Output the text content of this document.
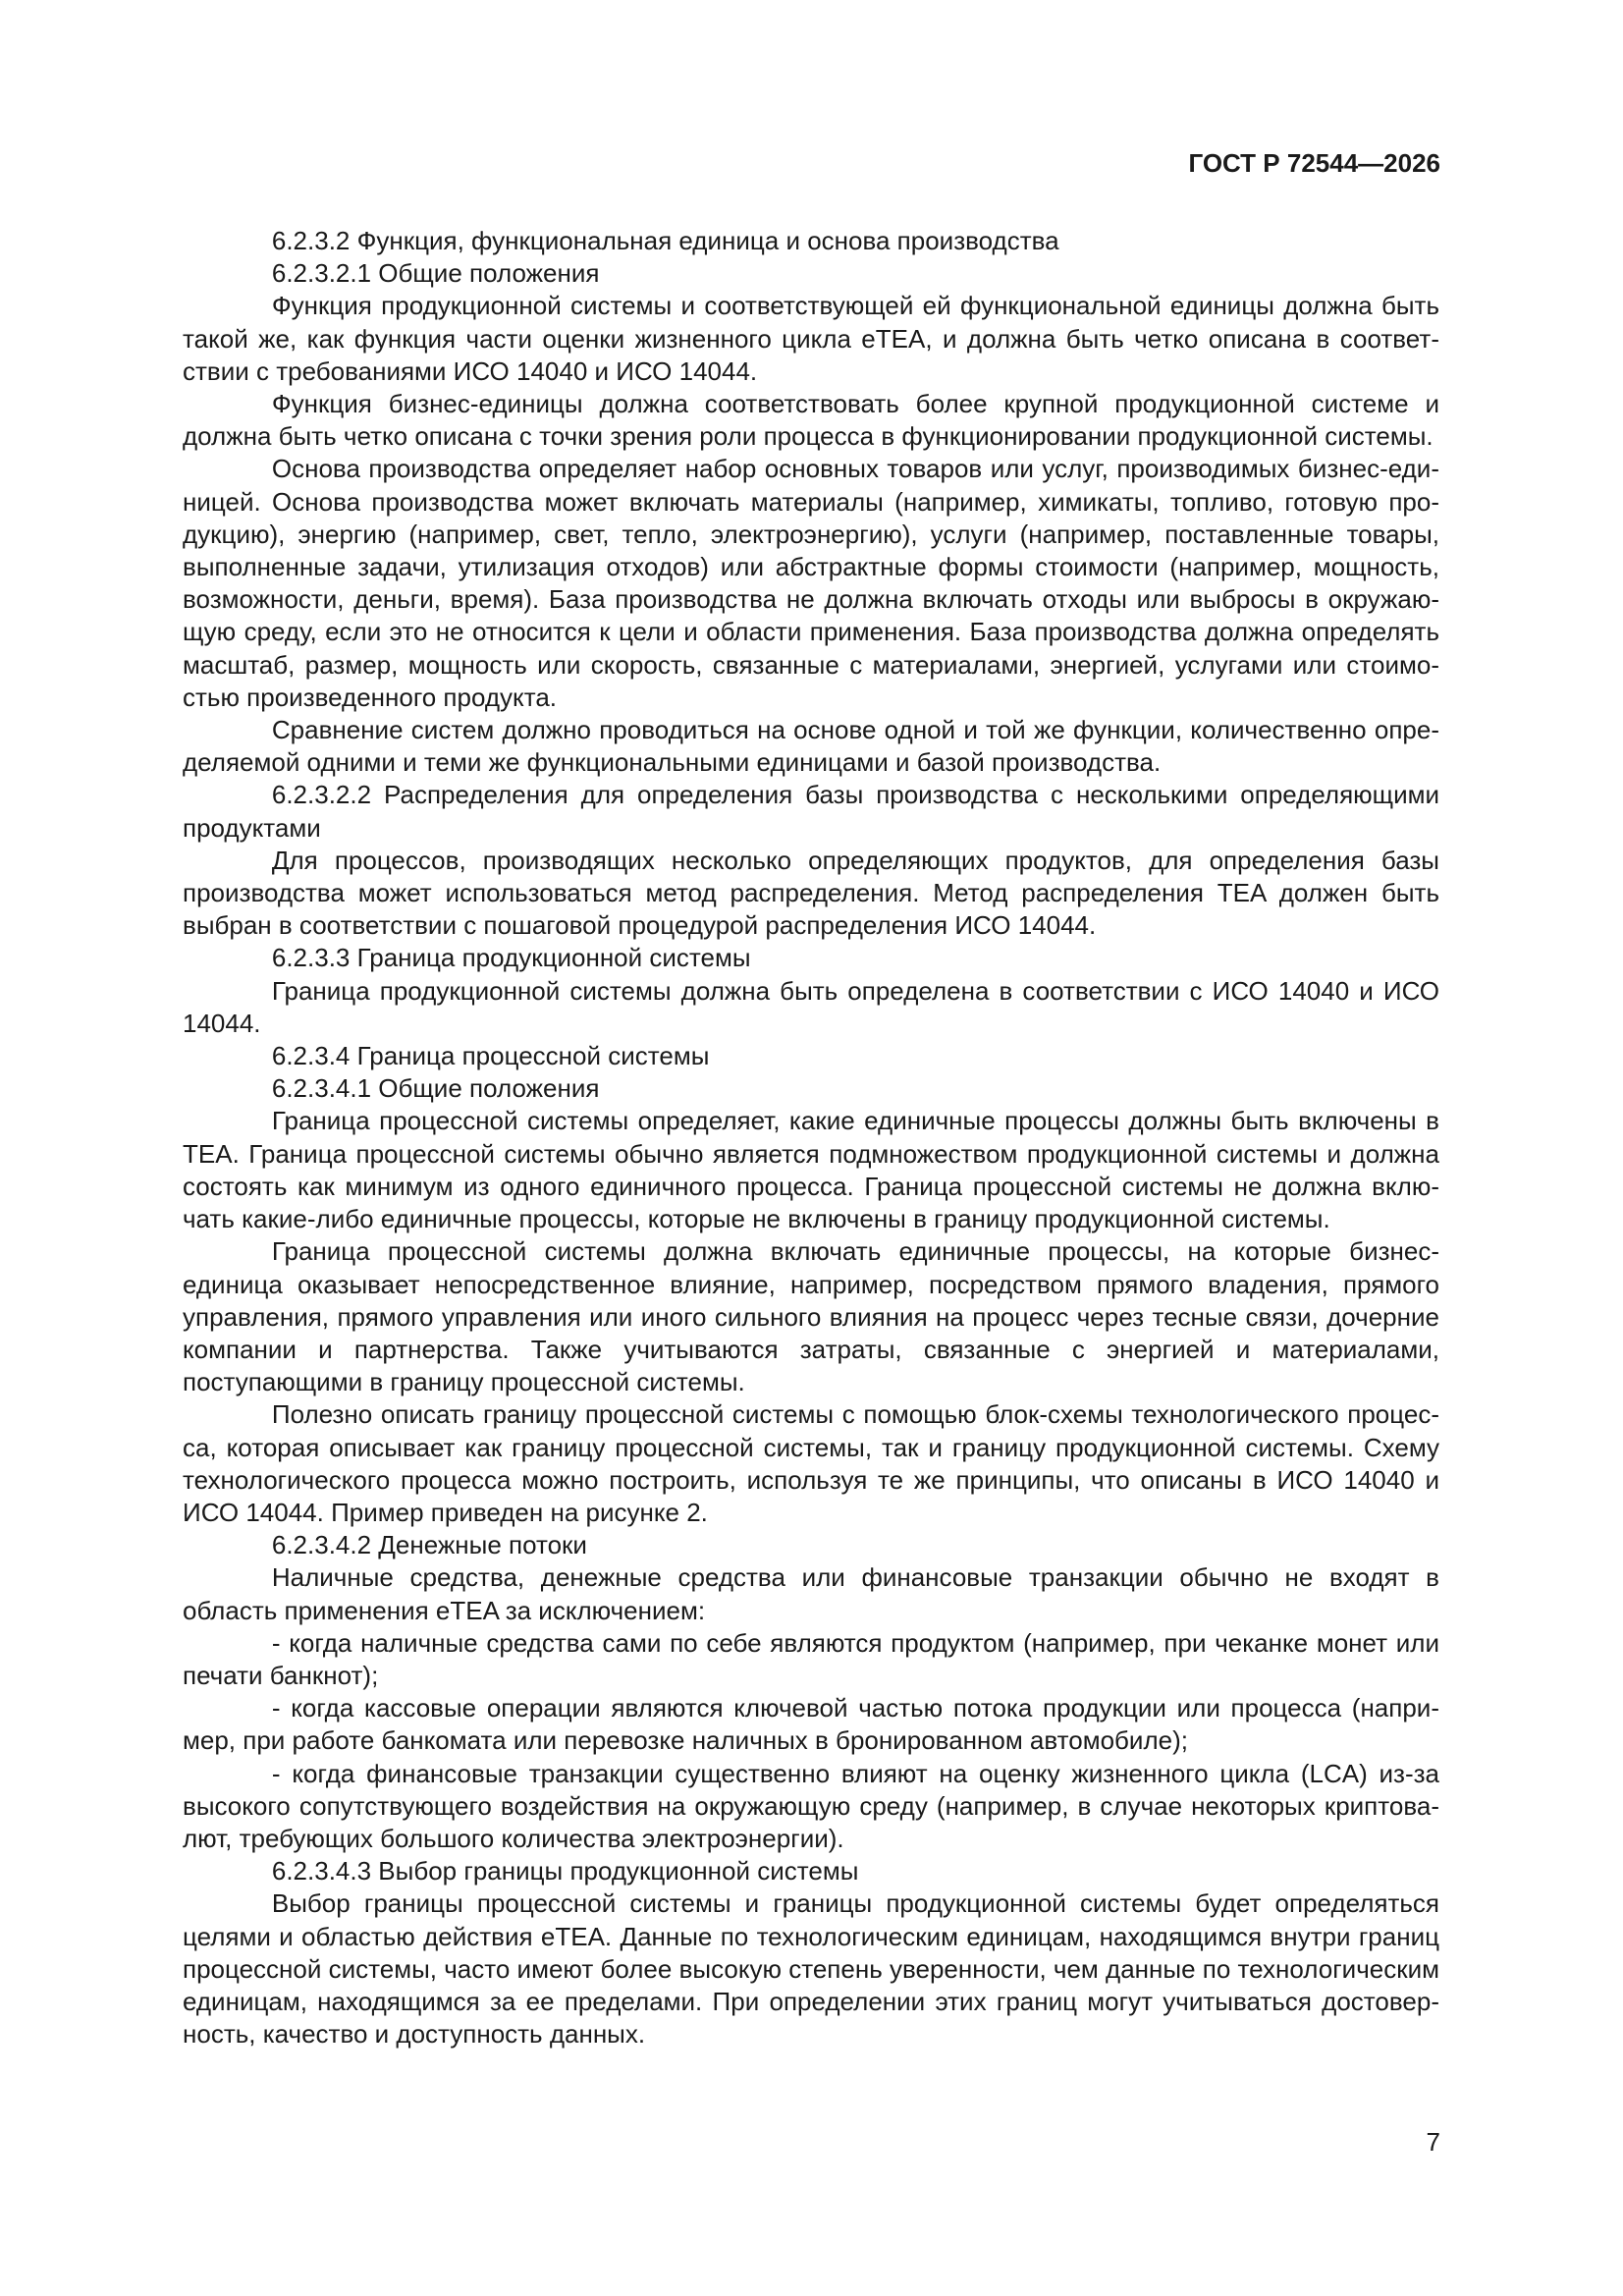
ГОСТ Р 72544—2026

6.2.3.2 Функция, функциональная единица и основа производства

6.2.3.2.1 Общие положения

Функция продукционной системы и соответствующей ей функциональной единицы должна быть такой же, как функция части оценки жизненного цикла eTEA, и должна быть четко описана в соответствии с требованиями ИСО 14040 и ИСО 14044.

Функция бизнес-единицы должна соответствовать более крупной продукционной системе и должна быть четко описана с точки зрения роли процесса в функционировании продукционной системы.

Основа производства определяет набор основных товаров или услуг, производимых бизнес-единицей. Основа производства может включать материалы (например, химикаты, топливо, готовую продукцию), энергию (например, свет, тепло, электроэнергию), услуги (например, поставленные товары, выполненные задачи, утилизация отходов) или абстрактные формы стоимости (например, мощность, возможности, деньги, время). База производства не должна включать отходы или выбросы в окружающую среду, если это не относится к цели и области применения. База производства должна определять масштаб, размер, мощность или скорость, связанные с материалами, энергией, услугами или стоимостью произведенного продукта.

Сравнение систем должно проводиться на основе одной и той же функции, количественно определяемой одними и теми же функциональными единицами и базой производства.

6.2.3.2.2 Распределения для определения базы производства с несколькими определяющими продуктами

Для процессов, производящих несколько определяющих продуктов, для определения базы производства может использоваться метод распределения. Метод распределения TEA должен быть выбран в соответствии с пошаговой процедурой распределения ИСО 14044.

6.2.3.3 Граница продукционной системы

Граница продукционной системы должна быть определена в соответствии с ИСО 14040 и ИСО 14044.

6.2.3.4 Граница процессной системы

6.2.3.4.1 Общие положения

Граница процессной системы определяет, какие единичные процессы должны быть включены в TEA. Граница процессной системы обычно является подмножеством продукционной системы и должна состоять как минимум из одного единичного процесса. Граница процессной системы не должна включать какие-либо единичные процессы, которые не включены в границу продукционной системы.

Граница процессной системы должна включать единичные процессы, на которые бизнес-единица оказывает непосредственное влияние, например, посредством прямого владения, прямого управления, прямого управления или иного сильного влияния на процесс через тесные связи, дочерние компании и партнерства. Также учитываются затраты, связанные с энергией и материалами, поступающими в границу процессной системы.

Полезно описать границу процессной системы с помощью блок-схемы технологического процесса, которая описывает как границу процессной системы, так и границу продукционной системы. Схему технологического процесса можно построить, используя те же принципы, что описаны в ИСО 14040 и ИСО 14044. Пример приведен на рисунке 2.

6.2.3.4.2 Денежные потоки

Наличные средства, денежные средства или финансовые транзакции обычно не входят в область применения eTEA за исключением:

- когда наличные средства сами по себе являются продуктом (например, при чеканке монет или печати банкнот);

- когда кассовые операции являются ключевой частью потока продукции или процесса (например, при работе банкомата или перевозке наличных в бронированном автомобиле);

- когда финансовые транзакции существенно влияют на оценку жизненного цикла (LCA) из-за высокого сопутствующего воздействия на окружающую среду (например, в случае некоторых криптовалют, требующих большого количества электроэнергии).

6.2.3.4.3 Выбор границы продукционной системы

Выбор границы процессной системы и границы продукционной системы будет определяться целями и областью действия eTEA. Данные по технологическим единицам, находящимся внутри границ процессной системы, часто имеют более высокую степень уверенности, чем данные по технологическим единицам, находящимся за ее пределами. При определении этих границ могут учитываться достоверность, качество и доступность данных.

7
